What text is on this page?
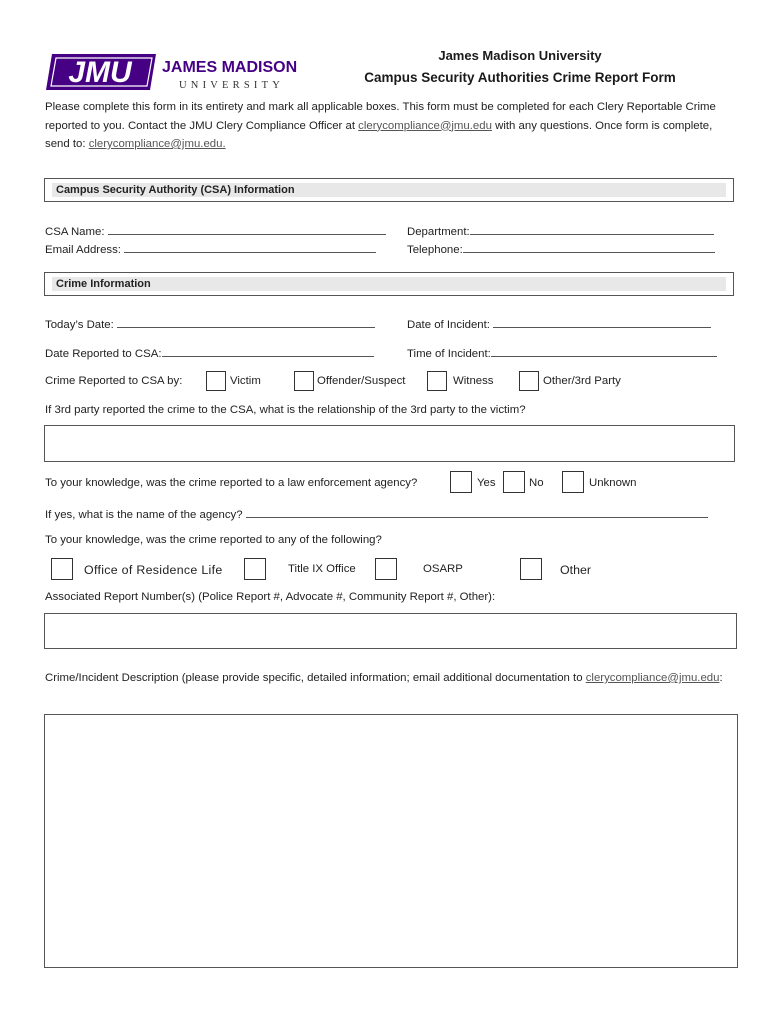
JMU JAMES MADISON
UNIVERSITY
James Madison University
Campus Security Authorities Crime Report Form
Please complete this form in its entirety and mark all applicable boxes. This form must be completed for each Clery Reportable Crime reported to you. Contact the JMU Clery Compliance Officer at clerycompliance@jmu.edu with any questions. Once form is complete, send to: clerycompliance@jmu.edu.
Campus Security Authority (CSA) Information
CSA Name:	Department:
Email Address:	Telephone:
Crime Information
Today’s Date:	Date of Incident:
Date Reported to CSA:	Time of Incident:
Crime Reported to CSA by:	Victim	Offender/Suspect	Witness	Other/3rd Party
If 3rd party reported the crime to the CSA, what is the relationship of the 3rd party to the victim?
To your knowledge, was the crime reported to a law enforcement agency?	Yes	No	Unknown
If yes, what is the name of the agency?
To your knowledge, was the crime reported to any of the following?
Office of Residence Life	Title IX Office	OSARP	Other
Associated Report Number(s) (Police Report #, Advocate #, Community Report #, Other):
Crime/Incident Description (please provide specific, detailed information; email additional documentation to clerycompliance@jmu.edu:
